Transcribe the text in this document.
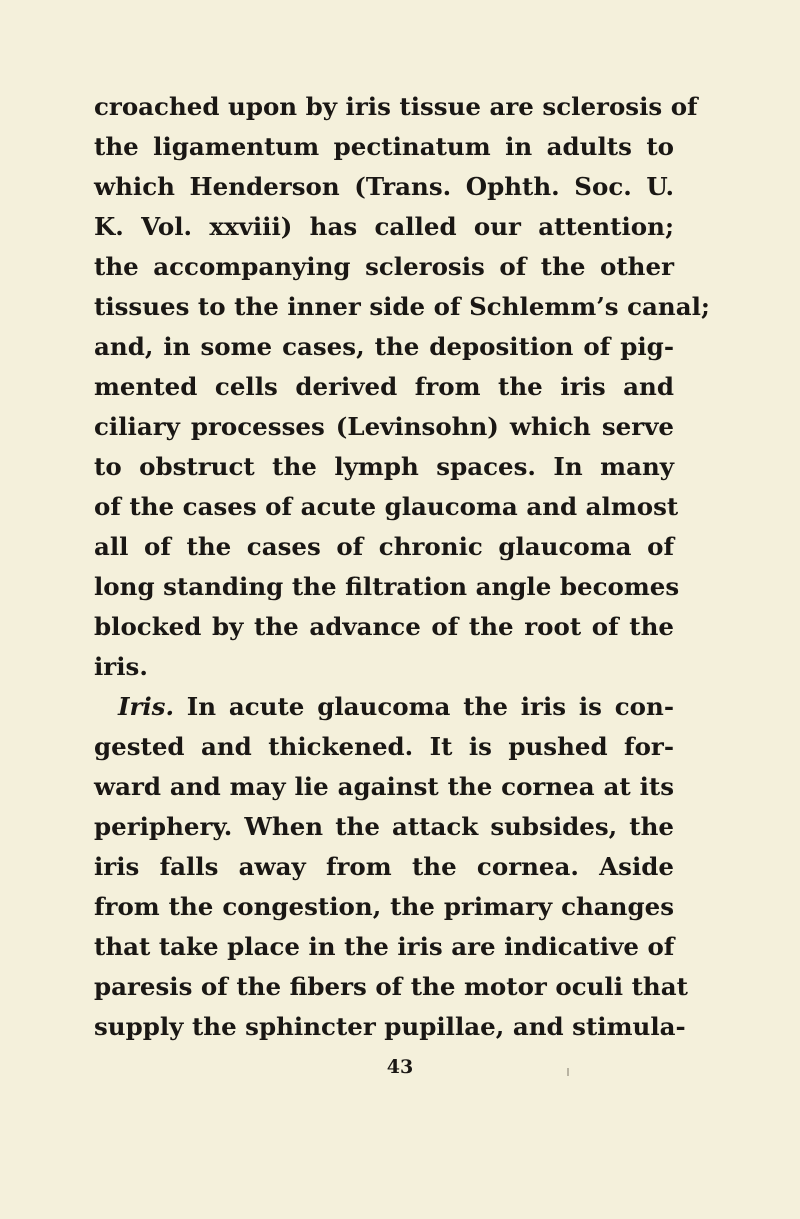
croached upon by iris tissue are sclerosis of
the ligamentum pectinatum in adults to
which Henderson (Trans. Ophth. Soc. U.
K. Vol. xxviii) has called our attention;
the accompanying sclerosis of the other
tissues to the inner side of Schlemm’s canal;
and, in some cases, the deposition of pig-
mented cells derived from the iris and
ciliary processes (Levinsohn) which serve
to obstruct the lymph spaces. In many
of the cases of acute glaucoma and almost
all of the cases of chronic glaucoma of
long standing the filtration angle becomes
blocked by the advance of the root of the
iris.
Iris. In acute glaucoma the iris is con-
gested and thickened. It is pushed for-
ward and may lie against the cornea at its
periphery. When the attack subsides, the
iris falls away from the cornea. Aside
from the congestion, the primary changes
that take place in the iris are indicative of
paresis of the fibers of the motor oculi that
supply the sphincter pupillae, and stimula-
43
